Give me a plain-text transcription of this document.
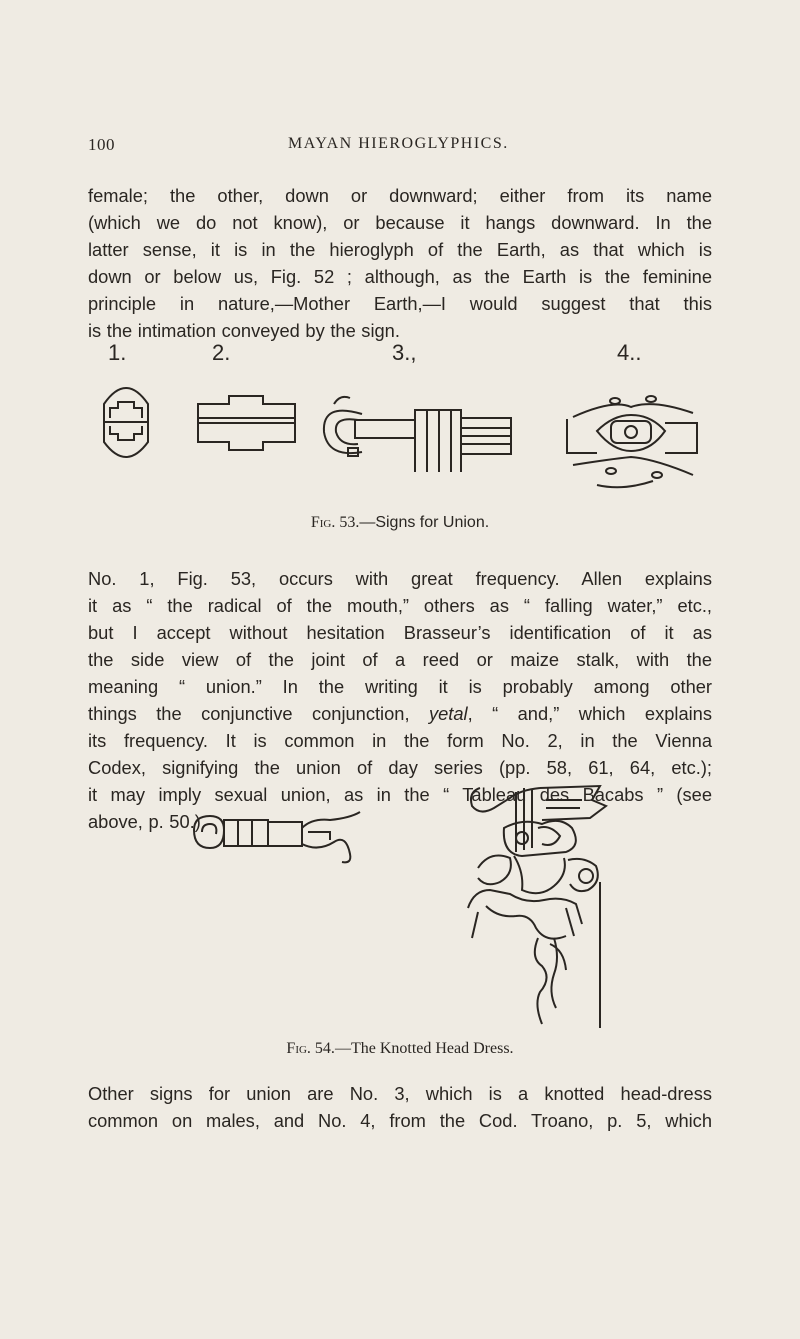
100	MAYAN HIEROGLYPHICS.
female; the other, down or downward; either from its name
(which we do not know), or because it hangs downward. In the
latter sense, it is in the hieroglyph of the Earth, as that which is
down or below us, Fig. 52 ; although, as the Earth is the feminine
principle in nature,—Mother Earth,—I would suggest that this
is the intimation conveyed by the sign.
1.	2.	3.,	4..
Fig. 53.—Signs for Union.
No. 1, Fig. 53, occurs with great frequency. Allen explains
it as “ the radical of the mouth,” others as “ falling water,” etc.,
but I accept without hesitation Brasseur’s identification of it as
the side view of the joint of a reed or maize stalk, with the
meaning “ union.” In the writing it is probably among other
things the conjunctive conjunction, yetal, “ and,” which explains
its frequency. It is common in the form No. 2, in the Vienna
Codex, signifying the union of day series (pp. 58, 61, 64, etc.);
it may imply sexual union, as in the “ Tableau des Bacabs ” (see
above, p. 50.)
Fig. 54.—The Knotted Head Dress.
Other signs for union are No. 3, which is a knotted head-dress
common on males, and No. 4, from the Cod. Troano, p. 5, which
